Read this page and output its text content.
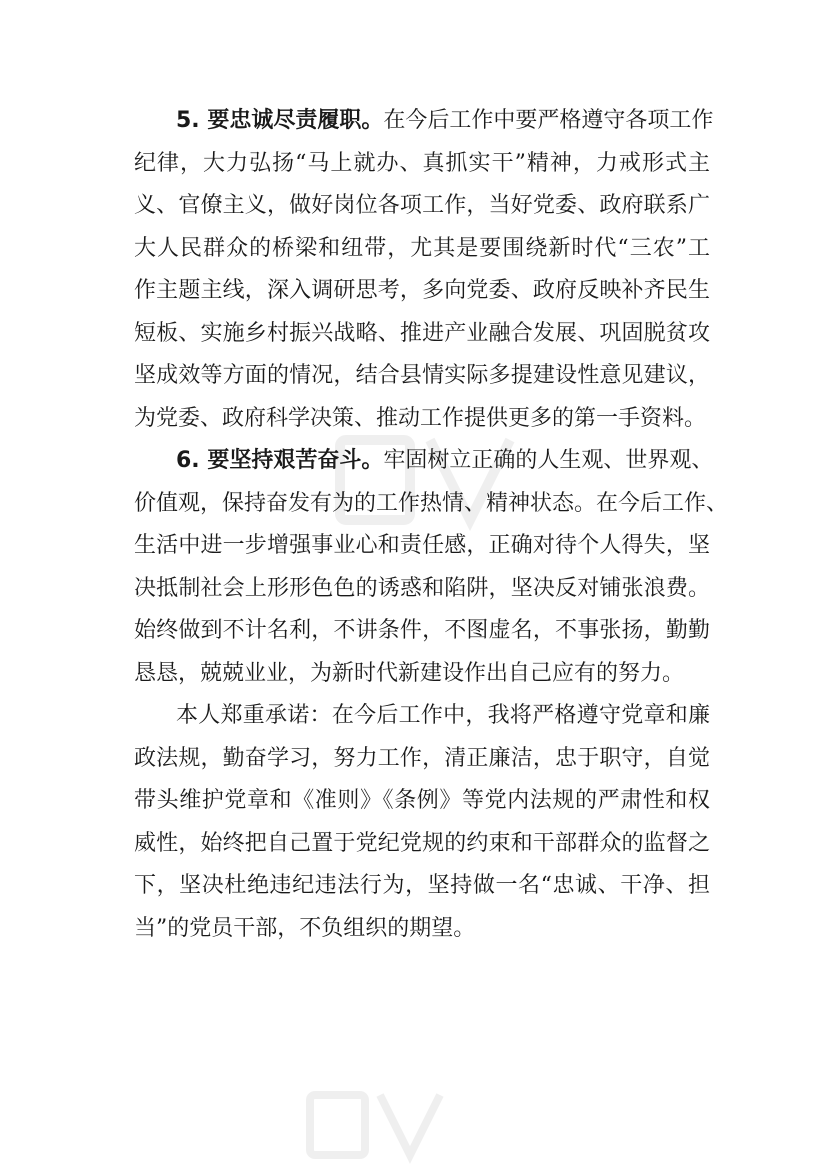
5. 要忠诚尽责履职。在今后工作中要严格遵守各项工作
纪律，大力弘扬“马上就办、真抓实干”精神，力戒形式主
义、官僚主义，做好岗位各项工作，当好党委、政府联系广
大人民群众的桥梁和纽带，尤其是要围绕新时代“三农”工
作主题主线，深入调研思考，多向党委、政府反映补齐民生
短板、实施乡村振兴战略、推进产业融合发展、巩固脱贫攻
坚成效等方面的情况，结合县情实际多提建设性意见建议，
为党委、政府科学决策、推动工作提供更多的第一手资料。
6. 要坚持艰苦奋斗。牢固树立正确的人生观、世界观、
价值观，保持奋发有为的工作热情、精神状态。在今后工作、
生活中进一步增强事业心和责任感，正确对待个人得失，坚
决抵制社会上形形色色的诱惑和陷阱，坚决反对铺张浪费。
始终做到不计名利，不讲条件，不图虚名，不事张扬，勤勤
恳恳，兢兢业业，为新时代新建设作出自己应有的努力。
本人郑重承诺：在今后工作中，我将严格遵守党章和廉
政法规，勤奋学习，努力工作，清正廉洁，忠于职守，自觉
带头维护党章和《准则》《条例》等党内法规的严肃性和权
威性，始终把自己置于党纪党规的约束和干部群众的监督之
下，坚决杜绝违纪违法行为，坚持做一名“忠诚、干净、担
当”的党员干部，不负组织的期望。
